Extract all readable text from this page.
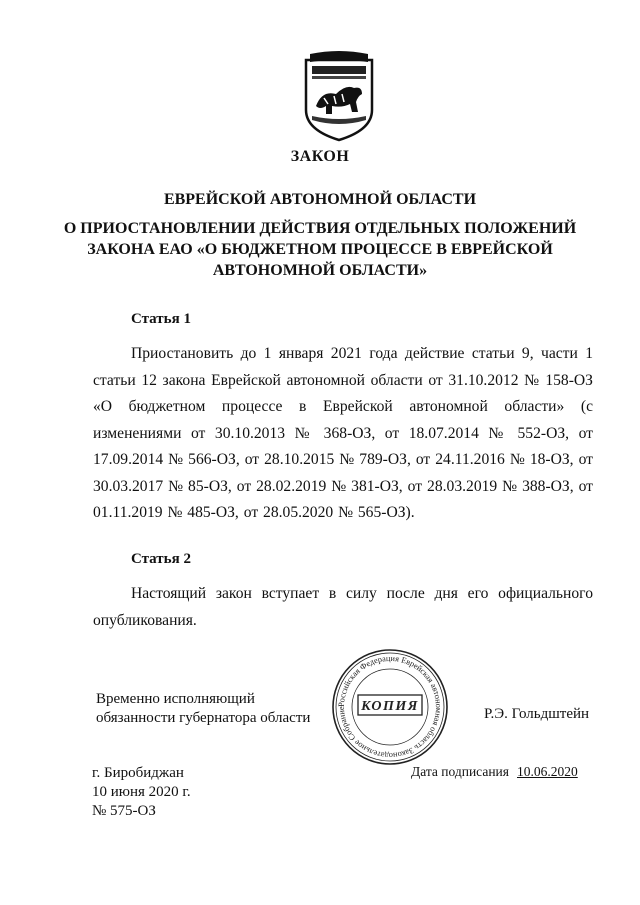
ЗАКОН
ЕВРЕЙСКОЙ АВТОНОМНОЙ ОБЛАСТИ
О ПРИОСТАНОВЛЕНИИ ДЕЙСТВИЯ ОТДЕЛЬНЫХ ПОЛОЖЕНИЙ
ЗАКОНА ЕАО «О БЮДЖЕТНОМ ПРОЦЕССЕ В ЕВРЕЙСКОЙ
АВТОНОМНОЙ ОБЛАСТИ»
Статья 1
Приостановить до 1 января 2021 года действие статьи 9, части 1 статьи 12 закона Еврейской автономной области от 31.10.2012 № 158-ОЗ «О бюджетном процессе в Еврейской автономной области» (с изменениями от 30.10.2013 № 368-ОЗ, от 18.07.2014 № 552-ОЗ, от 17.09.2014 № 566-ОЗ, от 28.10.2015 № 789-ОЗ, от 24.11.2016 № 18-ОЗ, от 30.03.2017 № 85-ОЗ, от 28.02.2019 № 381-ОЗ, от 28.03.2019 № 388-ОЗ, от 01.11.2019 № 485-ОЗ, от 28.05.2020 № 565-ОЗ).
Статья 2
Настоящий закон вступает в силу после дня его официального опубликования.
Временно исполняющий
обязанности губернатора области
Российская Федерация Еврейская автономная область Законодательное Собрание	КОПИЯ	Р.Э. Гольдштейн
Дата подписания 10.06.2020
г. Биробиджан
10 июня 2020 г.
№ 575-ОЗ
